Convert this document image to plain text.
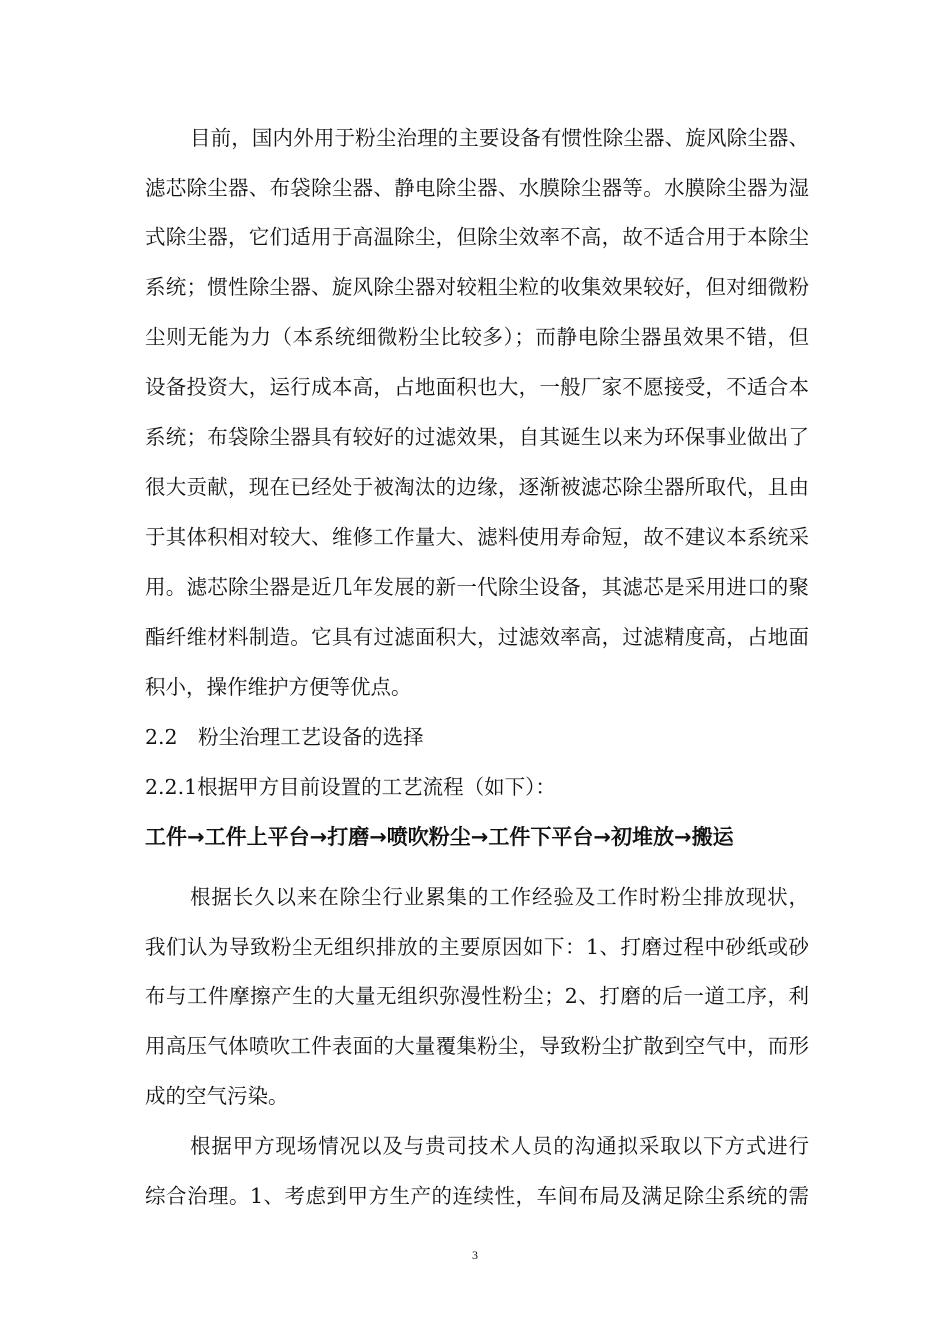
目前，国内外用于粉尘治理的主要设备有惯性除尘器、旋风除尘器、
滤芯除尘器、布袋除尘器、静电除尘器、水膜除尘器等。水膜除尘器为湿
式除尘器，它们适用于高温除尘，但除尘效率不高，故不适合用于本除尘
系统；惯性除尘器、旋风除尘器对较粗尘粒的收集效果较好，但对细微粉
尘则无能为力（本系统细微粉尘比较多）；而静电除尘器虽效果不错，但
设备投资大，运行成本高，占地面积也大，一般厂家不愿接受，不适合本
系统；布袋除尘器具有较好的过滤效果，自其诞生以来为环保事业做出了
很大贡献，现在已经处于被淘汰的边缘，逐渐被滤芯除尘器所取代，且由
于其体积相对较大、维修工作量大、滤料使用寿命短，故不建议本系统采
用。滤芯除尘器是近几年发展的新一代除尘设备，其滤芯是采用进口的聚
酯纤维材料制造。它具有过滤面积大，过滤效率高，过滤精度高，占地面
积小，操作维护方便等优点。
2.2　粉尘治理工艺设备的选择
2.2.1根据甲方目前设置的工艺流程（如下）：
工件→工件上平台→打磨→喷吹粉尘→工件下平台→初堆放→搬运
根据长久以来在除尘行业累集的工作经验及工作时粉尘排放现状，
我们认为导致粉尘无组织排放的主要原因如下：1、打磨过程中砂纸或砂
布与工件摩擦产生的大量无组织弥漫性粉尘；2、打磨的后一道工序，利
用高压气体喷吹工件表面的大量覆集粉尘，导致粉尘扩散到空气中，而形
成的空气污染。
根据甲方现场情况以及与贵司技术人员的沟通拟采取以下方式进行
综合治理。1、考虑到甲方生产的连续性，车间布局及满足除尘系统的需
3
